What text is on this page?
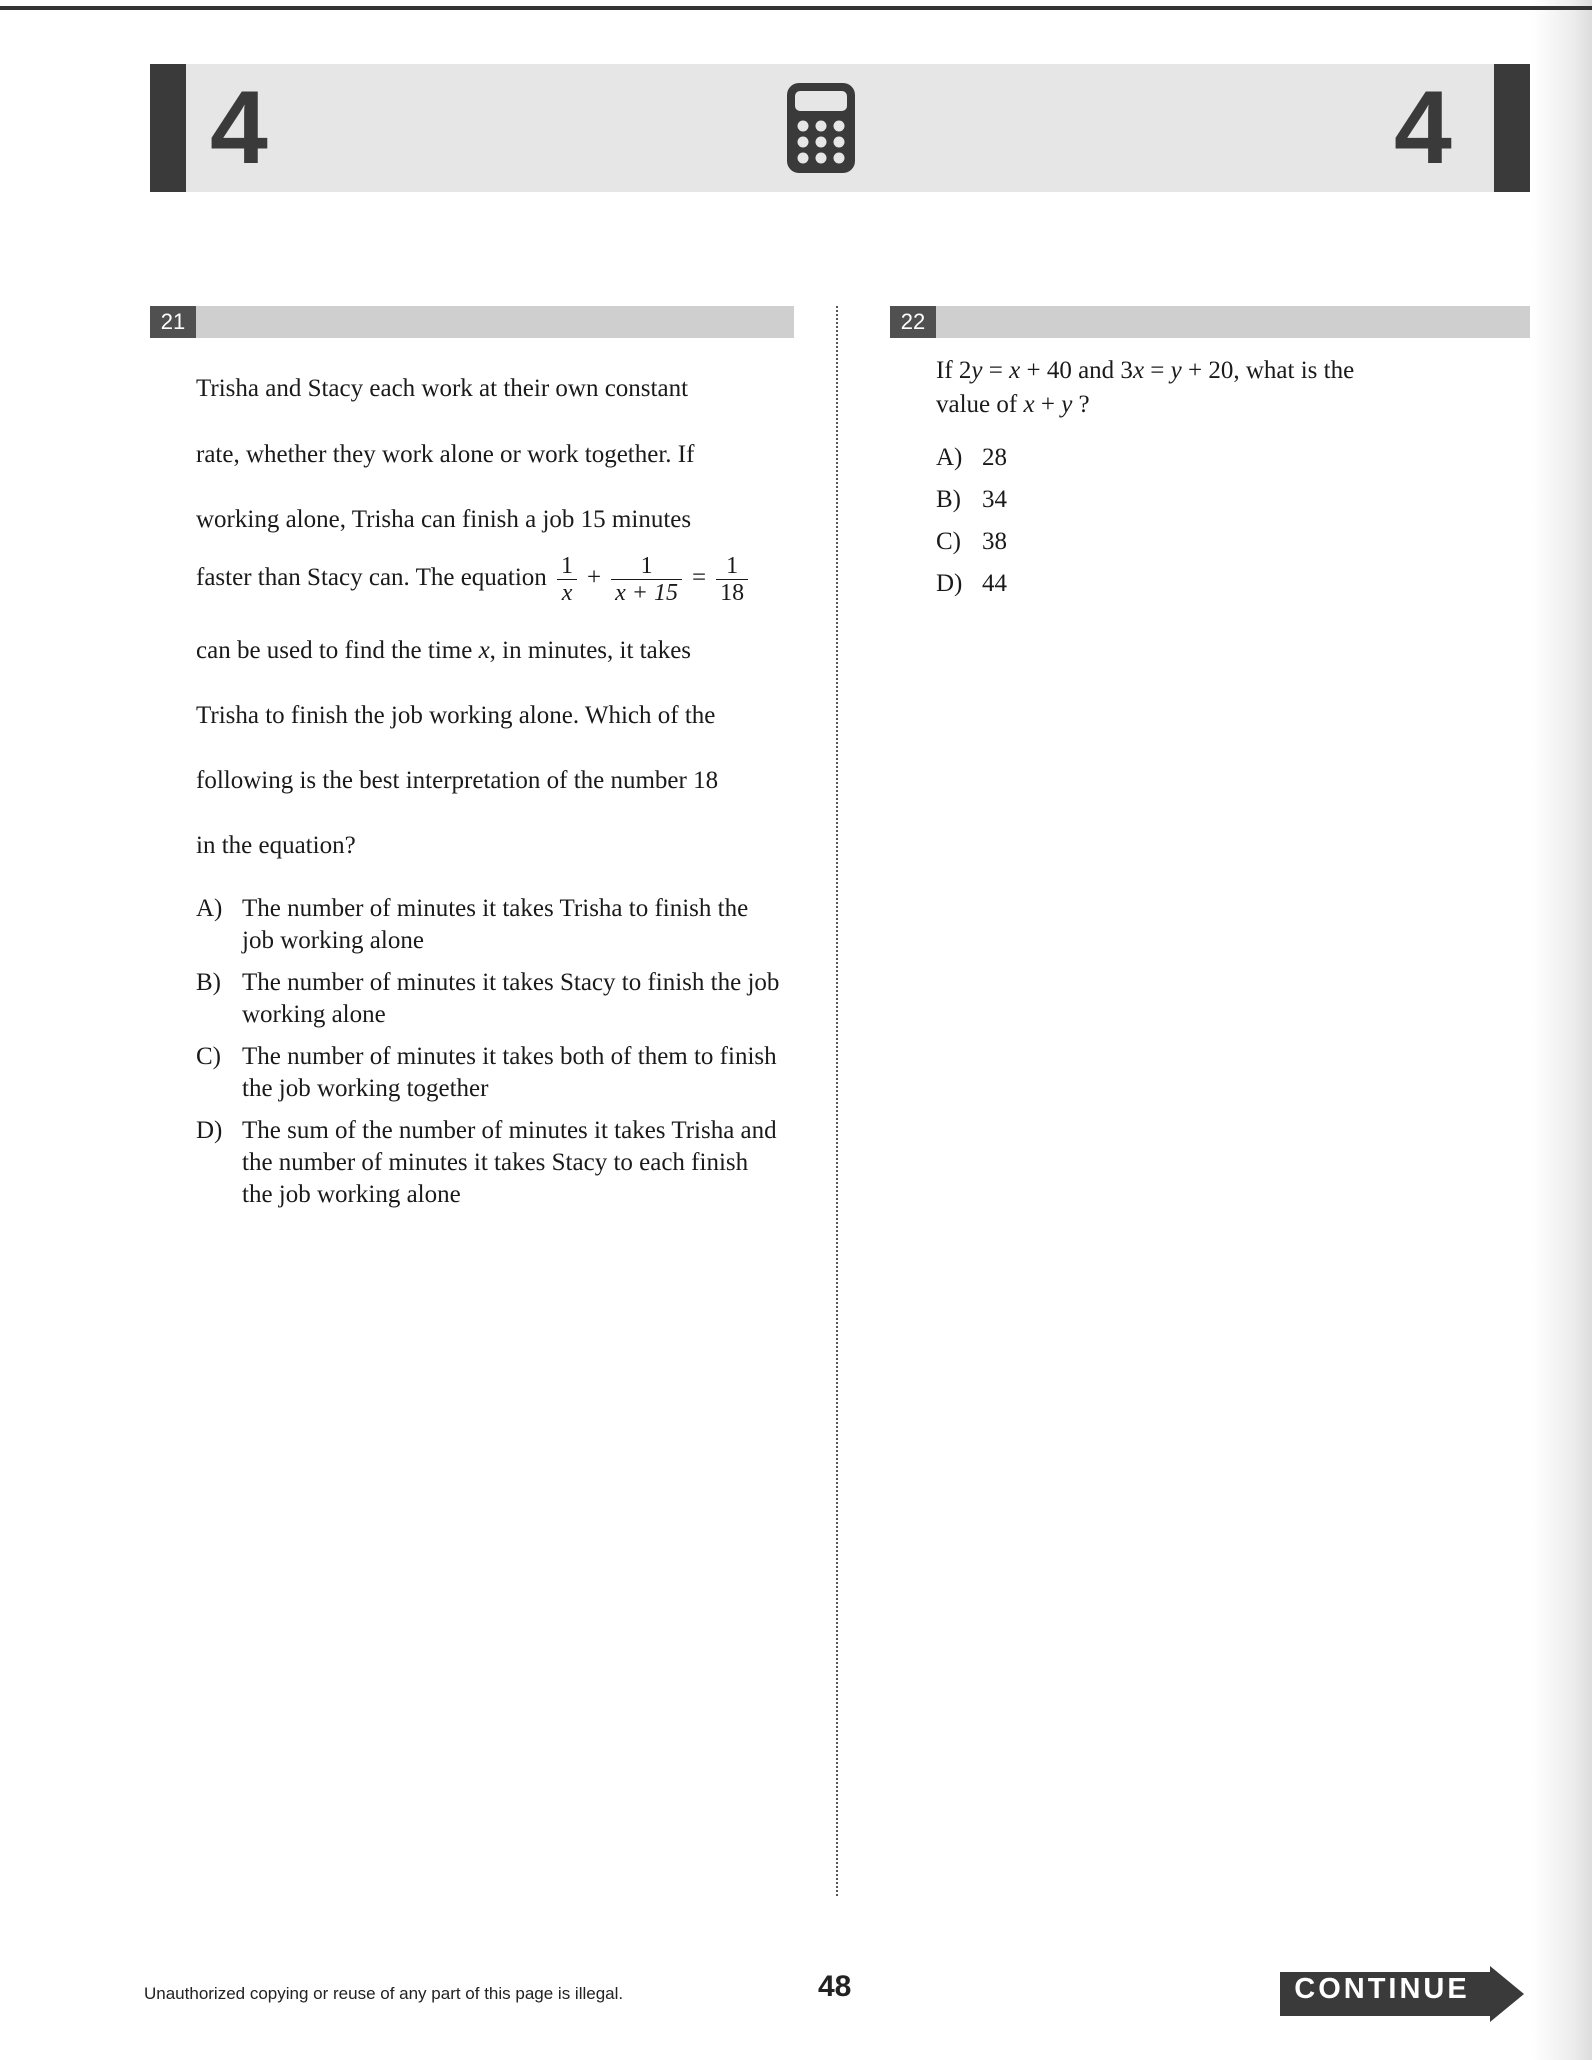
4	4
21	22
Trisha and Stacy each work at their own constant
rate, whether they work alone or work together. If
working alone, Trisha can finish a job 15 minutes
faster than Stacy can. The equation $\frac{1}{x} + \frac{1}{x + 15} = \frac{1}{18}$
can be used to find the time x, in minutes, it takes
Trisha to finish the job working alone. Which of the
following is the best interpretation of the number 18
in the equation?
A) The number of minutes it takes Trisha to finish the job working alone
B) The number of minutes it takes Stacy to finish the job working alone
C) The number of minutes it takes both of them to finish the job working together
D) The sum of the number of minutes it takes Trisha and the number of minutes it takes Stacy to each finish the job working alone
If 2y = x + 40 and 3x = y + 20, what is the
value of x + y ?
A) 28
B) 34
C) 38
D) 44
Unauthorized copying or reuse of any part of this page is illegal.	48	CONTINUE
